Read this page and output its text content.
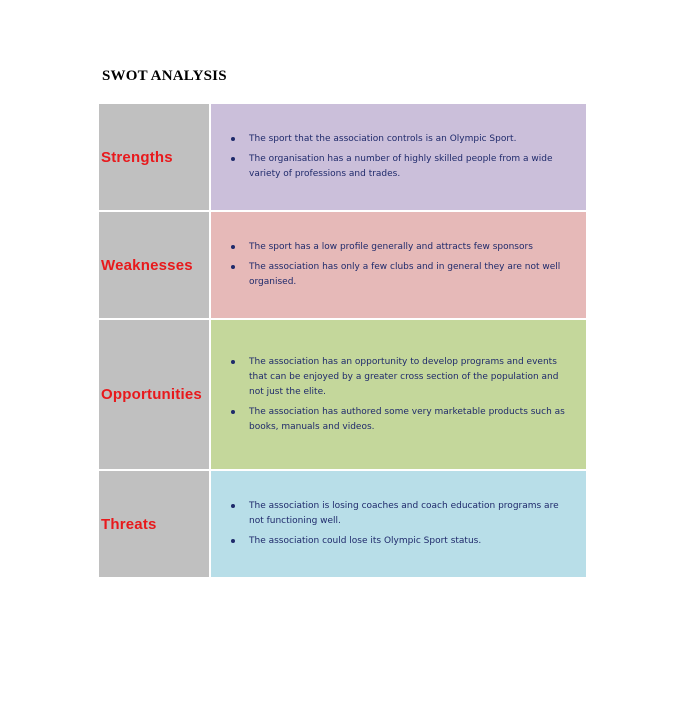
SWOT ANALYSIS
Strengths
The sport that the association controls is an Olympic Sport.
The organisation has a number of highly skilled people from a wide variety of professions and trades.
Weaknesses
The sport has a low profile generally and attracts few sponsors
The association has only a few clubs and in general they are not well organised.
Opportunities
The association has an opportunity to develop programs and events that can be enjoyed by a greater cross section of the population and not just the elite.
The association has authored some very marketable products such as books, manuals and videos.
Threats
The association is losing coaches and coach education programs are not functioning well.
The association could lose its Olympic Sport status.
